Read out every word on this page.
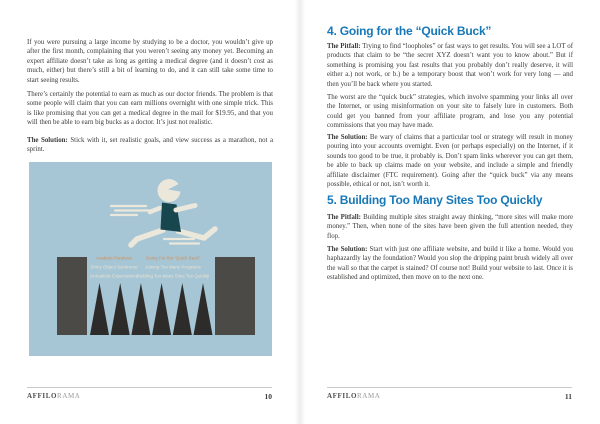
If you were pursuing a large income by studying to be a doctor, you wouldn’t give up after the first month, complaining that you weren’t seeing any money yet. Becoming an expert affiliate doesn’t take as long as getting a medical degree (and it doesn’t cost as much, either) but there’s still a bit of learning to do, and it can still take some time to start seeing results.

There’s certainly the potential to earn as much as our doctor friends. The problem is that some people will claim that you can earn millions overnight with one simple trick. This is like promising that you can get a medical degree in the mail for $19.95, and that you will then be able to earn big bucks as a doctor. It’s just not realistic.

The Solution: Stick with it, set realistic goals, and view success as a marathon, not a sprint.

Analysis Paralysis
Shiny Object Syndrome
Unrealistic Expectations
Going For the “Quick Buck”
Joining Too Many Programs
Building Too Many Sites Too Quickly
affilorama	10
4. Going for the “Quick Buck”

The Pitfall: Trying to find “loopholes” or fast ways to get results. You will see a LOT of products that claim to be “the secret XYZ doesn’t want you to know about.” But if something is promising you fast results that you probably don’t really deserve, it will either a.) not work, or b.) be a temporary boost that won’t work for very long — and then you’ll be back where you started.

The worst are the “quick buck” strategies, which involve spamming your links all over the Internet, or using misinformation on your site to falsely lure in customers. Both could get you banned from your affiliate program, and lose you any potential commissions that you may have made.

The Solution: Be wary of claims that a particular tool or strategy will result in money pouring into your accounts overnight. Even (or perhaps especially) on the Internet, if it sounds too good to be true, it probably is. Don’t spam links wherever you can get them, be able to back up claims made on your website, and include a simple and friendly affiliate disclaimer (FTC requirement). Going after the “quick buck” via any means possible, ethical or not, isn’t worth it.

5. Building Too Many Sites Too Quickly

The Pitfall: Building multiple sites straight away thinking, “more sites will make more money.” Then, when none of the sites have been given the full attention needed, they flop.

The Solution: Start with just one affiliate website, and build it like a home. Would you haphazardly lay the foundation? Would you slop the dripping paint brush widely all over the wall so that the carpet is stained? Of course not! Build your website to last. Once it is established and optimized, then move on to the next one.

affilorama	11
